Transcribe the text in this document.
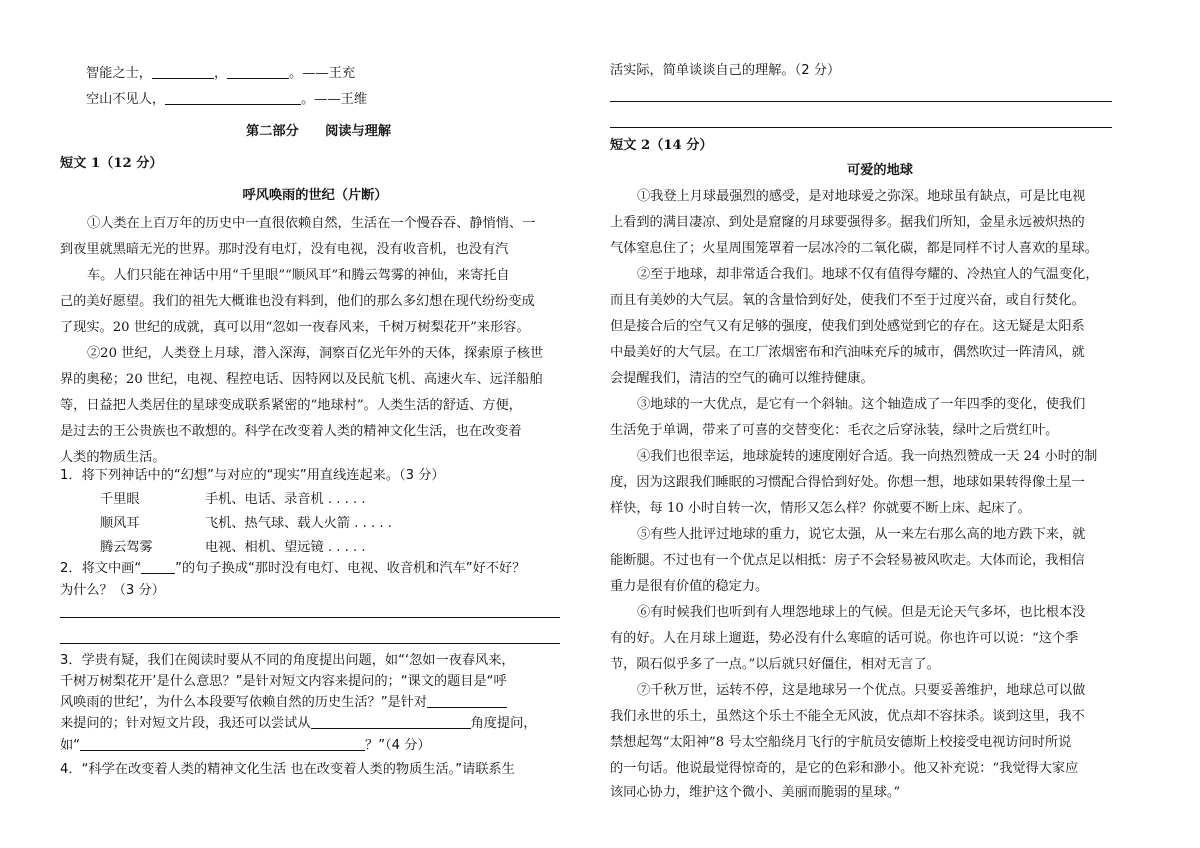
智能之士，	，	。——王充
空山不见人，	。——王维
第二部分　　阅读与理解
短文 1（12 分）
呼风唤雨的世纪（片断）
①人类在上百万年的历史中一直很依赖自然，生活在一个慢吞吞、静悄悄、一
到夜里就黑暗无光的世界。那时没有电灯，没有电视，没有收音机，也没有汽
车。人们只能在神话中用“千里眼”“顺风耳”和腾云驾雾的神仙，来寄托自
己的美好愿望。我们的祖先大概谁也没有料到，他们的那么多幻想在现代纷纷变成
了现实。20 世纪的成就，真可以用“忽如一夜春风来，千树万树梨花开”来形容。
②20 世纪，人类登上月球，潜入深海，洞察百亿光年外的天体，探索原子核世
界的奥秘；20 世纪，电视、程控电话、因特网以及民航飞机、高速火车、远洋船舶
等，日益把人类居住的星球变成联系紧密的“地球村”。人类生活的舒适、方便，
是过去的王公贵族也不敢想的。科学在改变着人类的精神文化生活，也在改变着
人类的物质生活。
1．将下列神话中的“幻想”与对应的“现实”用直线连起来。（3 分）
千里眼	手机、电话、录音机 . . . . .
顺风耳	飞机、热气球、载人火箭 . . . . .
腾云驾雾	电视、相机、望远镜 . . . . .
2．将文中画“	”的句子换成“那时没有电灯、电视、收音机和汽车”好不好？
为什么？（3 分）
3．学贵有疑，我们在阅读时要从不同的角度提出问题，如“‘忽如一夜春风来，
千树万树梨花开’是什么意思？”是针对短文内容来提问的；“课文的题目是“呼
风唤雨的世纪’，为什么本段要写依赖自然的历史生活？”是针对
来提问的；针对短文片段，我还可以尝试从	角度提问，
如“	？”（4 分）
4．“科学在改变着人类的精神文化生活 也在改变着人类的物质生活。”请联系生
活实际，简单谈谈自己的理解。（2 分）
短文 2（14 分）
可爱的地球
①我登上月球最强烈的感受，是对地球爱之弥深。地球虽有缺点，可是比电视
上看到的满目凄凉、到处是窟窿的月球要强得多。据我们所知，金星永远被炽热的
气体窒息住了；火星周围笼罩着一层冰冷的二氧化碳，都是同样不讨人喜欢的星球。
②至于地球，却非常适合我们。地球不仅有值得夸耀的、冷热宜人的气温变化，
而且有美妙的大气层。氧的含量恰到好处，使我们不至于过度兴奋，或自行焚化。
但是接合后的空气又有足够的强度，使我们到处感觉到它的存在。这无疑是太阳系
中最美好的大气层。在工厂浓烟密布和汽油味充斥的城市，偶然吹过一阵清风，就
会提醒我们，清洁的空气的确可以维持健康。
③地球的一大优点，是它有一个斜轴。这个轴造成了一年四季的变化，使我们
生活免于单调，带来了可喜的交替变化：毛衣之后穿泳装，绿叶之后赏红叶。
④我们也很幸运，地球旋转的速度刚好合适。我一向热烈赞成一天 24 小时的制
度，因为这跟我们睡眠的习惯配合得恰到好处。你想一想，地球如果转得像土星一
样快，每 10 小时自转一次，情形又怎么样？你就要不断上床、起床了。
⑤有些人批评过地球的重力，说它太强，从一来左右那么高的地方跌下来，就
能断腿。不过也有一个优点足以相抵：房子不会轻易被风吹走。大体而论，我相信
重力是很有价值的稳定力。
⑥有时候我们也听到有人埋怨地球上的气候。但是无论天气多坏，也比根本没
有的好。人在月球上遛逛，势必没有什么寒暄的话可说。你也许可以说：“这个季
节，陨石似乎多了一点。”以后就只好僵住，相对无言了。
⑦千秋万世，运转不停，这是地球另一个优点。只要妥善维护，地球总可以做
我们永世的乐土，虽然这个乐土不能全无风波，优点却不容抹杀。谈到这里，我不
禁想起驾“太阳神”8 号太空船绕月飞行的宇航员安德斯上校接受电视访问时所说
的一句话。他说最觉得惊奇的，是它的色彩和渺小。他又补充说：“我觉得大家应
该同心协力，维护这个微小、美丽而脆弱的星球。”
